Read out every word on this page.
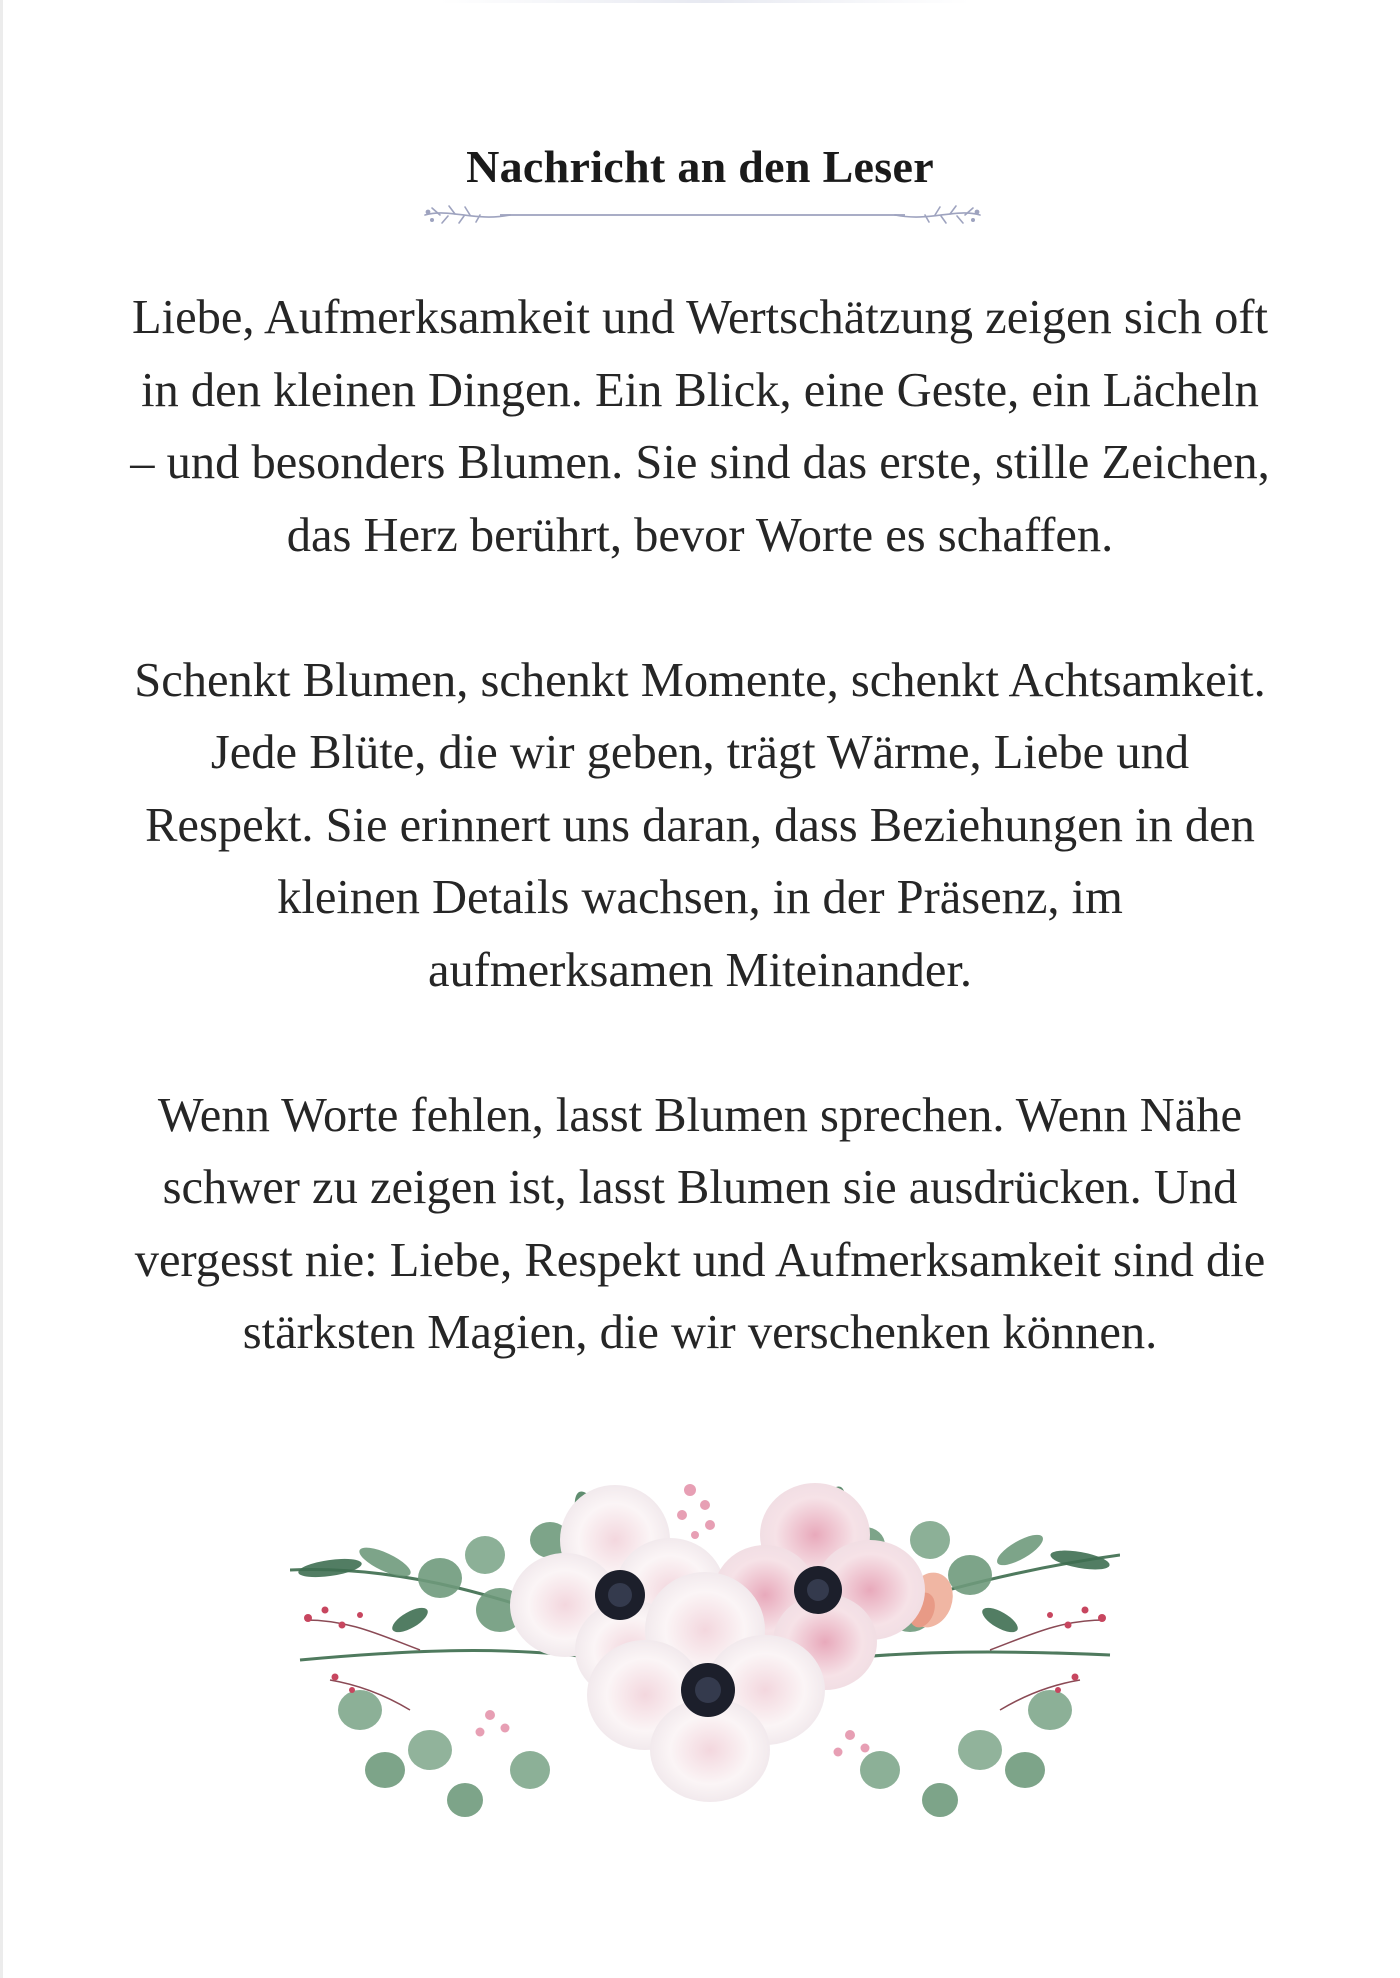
Nachricht an den Leser

Liebe, Aufmerksamkeit und Wertschätzung zeigen sich oft in den kleinen Dingen. Ein Blick, eine Geste, ein Lächeln – und besonders Blumen. Sie sind das erste, stille Zeichen, das Herz berührt, bevor Worte es schaffen.

Schenkt Blumen, schenkt Momente, schenkt Achtsamkeit. Jede Blüte, die wir geben, trägt Wärme, Liebe und Respekt. Sie erinnert uns daran, dass Beziehungen in den kleinen Details wachsen, in der Präsenz, im aufmerksamen Miteinander.

Wenn Worte fehlen, lasst Blumen sprechen. Wenn Nähe schwer zu zeigen ist, lasst Blumen sie ausdrücken. Und vergesst nie: Liebe, Respekt und Aufmerksamkeit sind die stärksten Magien, die wir verschenken können.
